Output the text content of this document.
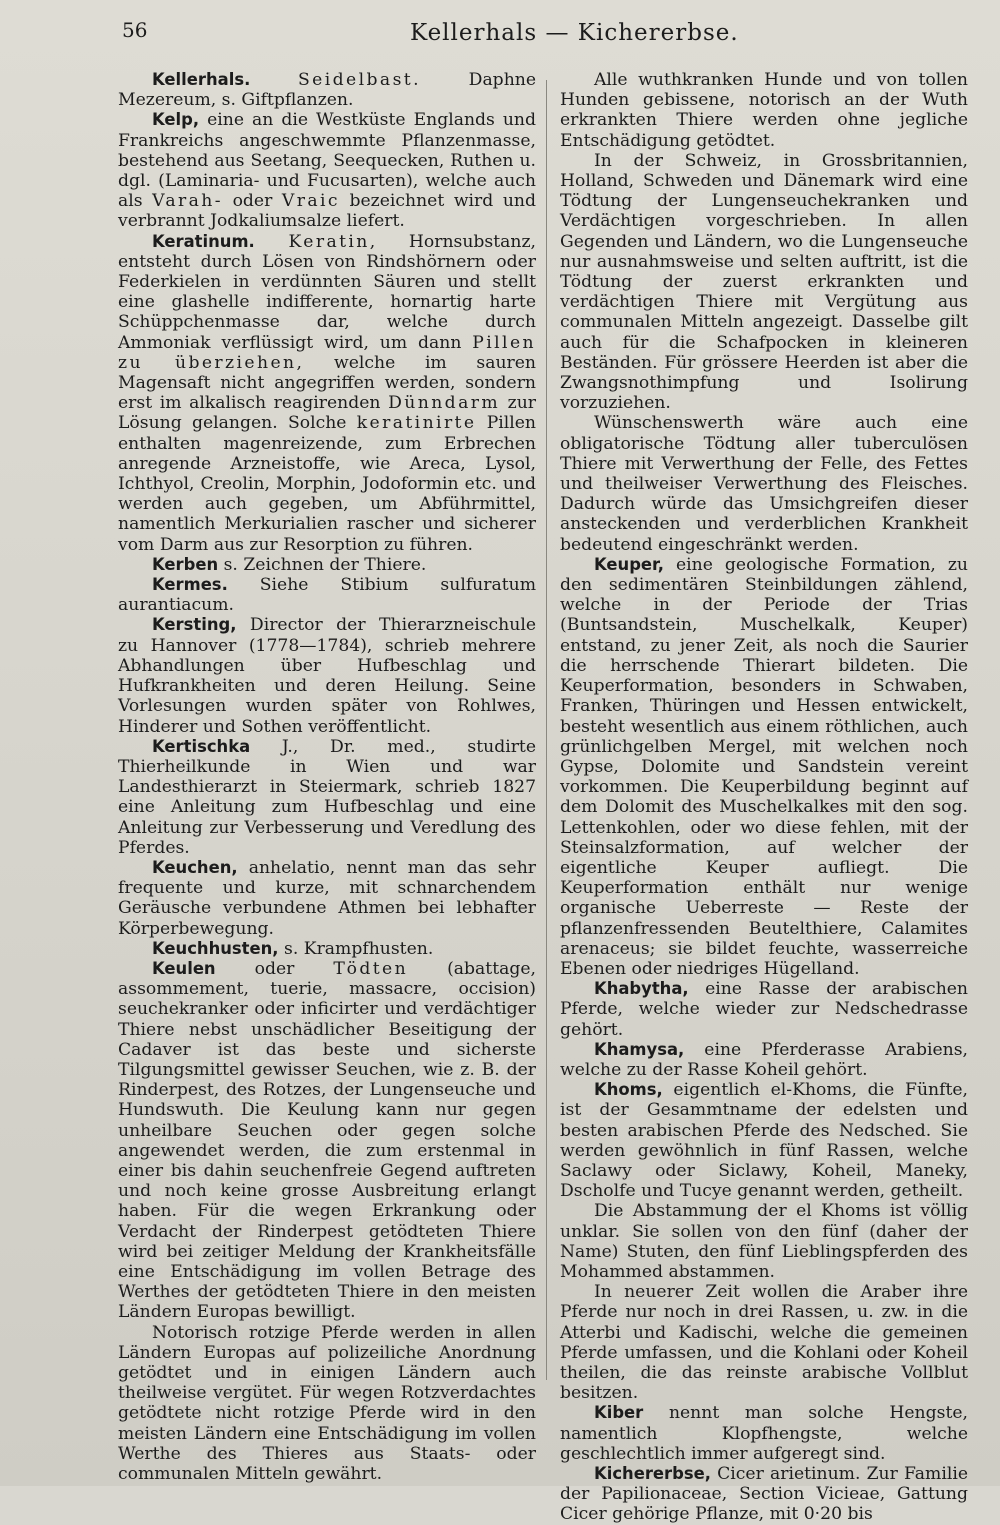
56	Kellerhals — Kichererbse.

Kellerhals.	Seidelbast. Daphne Mezereum, s. Giftpflanzen.

Kelp, eine an die Westküste Englands und Frankreichs angeschwemmte Pflanzenmasse, bestehend aus Seetang, Seequecken, Ruthen u. dgl. (Laminaria- und Fucusarten), welche auch als Varah- oder Vraic bezeichnet wird und verbrannt Jodkaliumsalze liefert.

Keratinum. Keratin, Hornsubstanz, entsteht durch Lösen von Rindshörnern oder Federkielen in verdünnten Säuren und stellt eine glashelle indifferente, hornartig harte Schüppchenmasse dar, welche durch Ammoniak verflüssigt wird, um dann Pillen zu überziehen, welche im sauren Magensaft nicht angegriffen werden, sondern erst im alkalisch reagirenden Dünndarm zur Lösung gelangen. Solche keratinirte Pillen enthalten magenreizende, zum Erbrechen anregende Arzneistoffe, wie Areca, Lysol, Ichthyol, Creolin, Morphin, Jodoformin etc. und werden auch gegeben, um Abführmittel, namentlich Merkurialien rascher und sicherer vom Darm aus zur Resorption zu führen.

Kerben s. Zeichnen der Thiere.

Kermes. Siehe Stibium sulfuratum aurantiacum.

Kersting, Director der Thierarzneischule zu Hannover (1778—1784), schrieb mehrere Abhandlungen über Hufbeschlag und Hufkrankheiten und deren Heilung. Seine Vorlesungen wurden später von Rohlwes, Hinderer und Sothen veröffentlicht.

Kertischka J., Dr. med., studirte Thierheilkunde in Wien und war Landesthierarzt in Steiermark, schrieb 1827 eine Anleitung zum Hufbeschlag und eine Anleitung zur Verbesserung und Veredlung des Pferdes.

Keuchen, anhelatio, nennt man das sehr frequente und kurze, mit schnarchendem Geräusche verbundene Athmen bei lebhafter Körperbewegung.

Keuchhusten, s. Krampfhusten.

Keulen oder Tödten (abattage, assommement, tuerie, massacre, occision) seuchekranker oder inficirter und verdächtiger Thiere nebst unschädlicher Beseitigung der Cadaver ist das beste und sicherste Tilgungsmittel gewisser Seuchen, wie z. B. der Rinderpest, des Rotzes, der Lungenseuche und Hundswuth. Die Keulung kann nur gegen unheilbare Seuchen oder gegen solche angewendet werden, die zum erstenmal in einer bis dahin seuchenfreie Gegend auftreten und noch keine grosse Ausbreitung erlangt haben. Für die wegen Erkrankung oder Verdacht der Rinderpest getödteten Thiere wird bei zeitiger Meldung der Krankheitsfälle eine Entschädigung im vollen Betrage des Werthes der getödteten Thiere in den meisten Ländern Europas bewilligt.

Notorisch rotzige Pferde werden in allen Ländern Europas auf polizeiliche Anordnung getödtet und in einigen Ländern auch theilweise vergütet. Für wegen Rotzverdachtes getödtete nicht rotzige Pferde wird in den meisten Ländern eine Entschädigung im vollen Werthe des Thieres aus Staats- oder communalen Mitteln gewährt.

Alle wuthkranken Hunde und von tollen Hunden gebissene, notorisch an der Wuth erkrankten Thiere werden ohne jegliche Entschädigung getödtet.

In der Schweiz, in Grossbritannien, Holland, Schweden und Dänemark wird eine Tödtung der Lungenseuchekranken und Verdächtigen vorgeschrieben. In allen Gegenden und Ländern, wo die Lungenseuche nur ausnahmsweise und selten auftritt, ist die Tödtung der zuerst erkrankten und verdächtigen Thiere mit Vergütung aus communalen Mitteln angezeigt. Dasselbe gilt auch für die Schafpocken in kleineren Beständen. Für grössere Heerden ist aber die Zwangsnothimpfung und Isolirung vorzuziehen.

Wünschenswerth wäre auch eine obligatorische Tödtung aller tuberculösen Thiere mit Verwerthung der Felle, des Fettes und theilweiser Verwerthung des Fleisches. Dadurch würde das Umsichgreifen dieser ansteckenden und verderblichen Krankheit bedeutend eingeschränkt werden.

Keuper, eine geologische Formation, zu den sedimentären Steinbildungen zählend, welche in der Periode der Trias (Buntsandstein, Muschelkalk, Keuper) entstand, zu jener Zeit, als noch die Saurier die herrschende Thierart bildeten. Die Keuperformation, besonders in Schwaben, Franken, Thüringen und Hessen entwickelt, besteht wesentlich aus einem röthlichen, auch grünlichgelben Mergel, mit welchen noch Gypse, Dolomite und Sandstein vereint vorkommen. Die Keuperbildung beginnt auf dem Dolomit des Muschelkalkes mit den sog. Lettenkohlen, oder wo diese fehlen, mit der Steinsalzformation, auf welcher der eigentliche Keuper aufliegt. Die Keuperformation enthält nur wenige organische Ueberreste — Reste der pflanzenfressenden Beutelthiere, Calamites arenaceus; sie bildet feuchte, wasserreiche Ebenen oder niedriges Hügelland.

Khabytha, eine Rasse der arabischen Pferde, welche wieder zur Nedschedrasse gehört.

Khamysa, eine Pferderasse Arabiens, welche zu der Rasse Koheil gehört.

Khoms, eigentlich el-Khoms, die Fünfte, ist der Gesammtname der edelsten und besten arabischen Pferde des Nedsched. Sie werden gewöhnlich in fünf Rassen, welche Saclawy oder Siclawy, Koheil, Maneky, Dscholfe und Tucye genannt werden, getheilt.

Die Abstammung der el Khoms ist völlig unklar. Sie sollen von den fünf (daher der Name) Stuten, den fünf Lieblingspferden des Mohammed abstammen.

In neuerer Zeit wollen die Araber ihre Pferde nur noch in drei Rassen, u. zw. in die Atterbi und Kadischi, welche die gemeinen Pferde umfassen, und die Kohlani oder Koheil theilen, die das reinste arabische Vollblut besitzen.

Kiber nennt man solche Hengste, namentlich Klopfhengste, welche geschlechtlich immer aufgeregt sind.

Kichererbse, Cicer arietinum. Zur Familie der Papilionaceae, Section Vicieae, Gattung Cicer gehörige Pflanze, mit 0·20 bis
